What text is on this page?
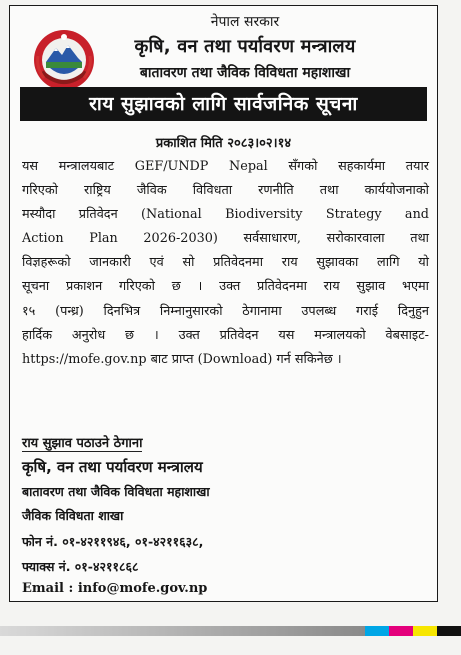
नेपाल सरकार
कृषि, वन तथा पर्यावरण मन्त्रालय
बातावरण तथा जैविक विविधता महाशाखा
राय सुझावको लागि सार्वजनिक सूचना
प्रकाशित मिति २०८३।०२।१४
यस मन्त्रालयबाट GEF/UNDP Nepal सँगको सहकार्यमा तयार
गरिएको राष्ट्रिय जैविक विविधता रणनीति तथा कार्ययोजनाको
मस्यौदा प्रतिवेदन (National Biodiversity Strategy and
Action Plan 2026-2030) सर्वसाधारण, सरोकारवाला तथा
विज्ञहरूको जानकारी एवं सो प्रतिवेदनमा राय सुझावका लागि यो
सूचना प्रकाशन गरिएको छ । उक्त प्रतिवेदनमा राय सुझाव भएमा
१५ (पन्ध्र) दिनभित्र निम्नानुसारको ठेगानामा उपलब्ध गराई दिनुहुन
हार्दिक अनुरोध छ । उक्त प्रतिवेदन यस मन्त्रालयको वेबसाइट-
https://mofe.gov.np बाट प्राप्त (Download) गर्न सकिनेछ ।
राय सुझाव पठाउने ठेगाना
कृषि, वन तथा पर्यावरण मन्त्रालय
बातावरण तथा जैविक विविधता महाशाखा
जैविक विविधता शाखा
फोन नं. ०१-४२११९४६, ०१-४२११६३८,
फ्याक्स नं. ०१-४२११८६८
Email : info@mofe.gov.np
